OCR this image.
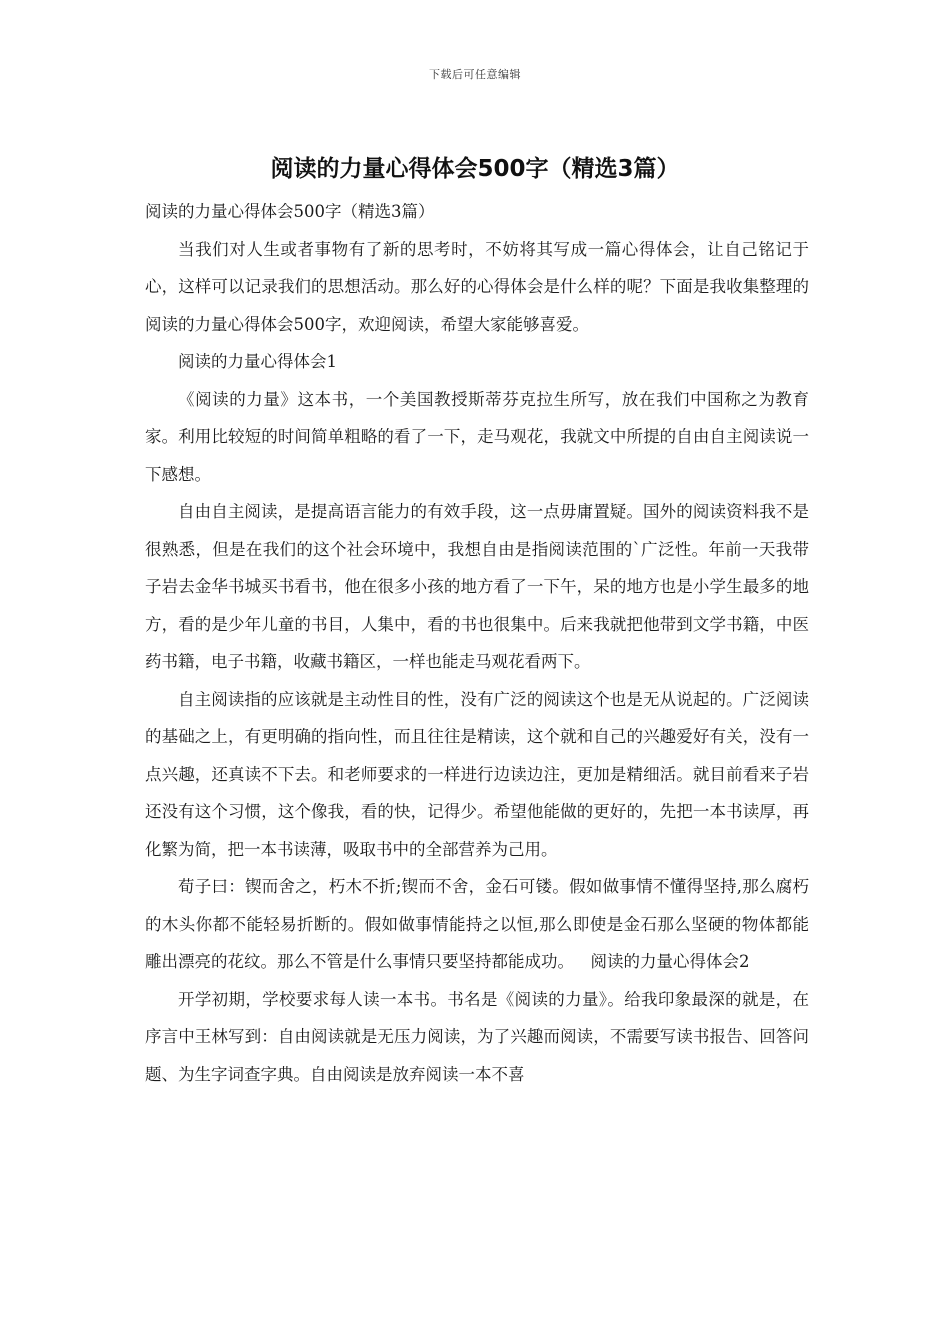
下载后可任意编辑
阅读的力量心得体会500字（精选3篇）

阅读的力量心得体会500字（精选3篇）

当我们对人生或者事物有了新的思考时，不妨将其写成一篇心得体会，让自己铭记于心，这样可以记录我们的思想活动。那么好的心得体会是什么样的呢？下面是我收集整理的阅读的力量心得体会500字，欢迎阅读，希望大家能够喜爱。

阅读的力量心得体会1

《阅读的力量》这本书，一个美国教授斯蒂芬克拉生所写，放在我们中国称之为教育家。利用比较短的时间简单粗略的看了一下，走马观花，我就文中所提的自由自主阅读说一下感想。

自由自主阅读，是提高语言能力的有效手段，这一点毋庸置疑。国外的阅读资料我不是很熟悉，但是在我们的这个社会环境中，我想自由是指阅读范围的`广泛性。年前一天我带子岩去金华书城买书看书，他在很多小孩的地方看了一下午，呆的地方也是小学生最多的地方，看的是少年儿童的书目，人集中，看的书也很集中。后来我就把他带到文学书籍，中医药书籍，电子书籍，收藏书籍区，一样也能走马观花看两下。

自主阅读指的应该就是主动性目的性，没有广泛的阅读这个也是无从说起的。广泛阅读的基础之上，有更明确的指向性，而且往往是精读，这个就和自己的兴趣爱好有关，没有一点兴趣，还真读不下去。和老师要求的一样进行边读边注，更加是精细活。就目前看来子岩还没有这个习惯，这个像我，看的快，记得少。希望他能做的更好的，先把一本书读厚，再化繁为简，把一本书读薄，吸取书中的全部营养为己用。

荀子曰：锲而舍之，朽木不折;锲而不舍，金石可镂。假如做事情不懂得坚持,那么腐朽的木头你都不能轻易折断的。假如做事情能持之以恒,那么即使是金石那么坚硬的物体都能雕出漂亮的花纹。那么不管是什么事情只要坚持都能成功。 阅读的力量心得体会2

开学初期，学校要求每人读一本书。书名是《阅读的力量》。给我印象最深的就是，在序言中王林写到：自由阅读就是无压力阅读，为了兴趣而阅读，不需要写读书报告、回答问题、为生字词查字典。自由阅读是放弃阅读一本不喜
